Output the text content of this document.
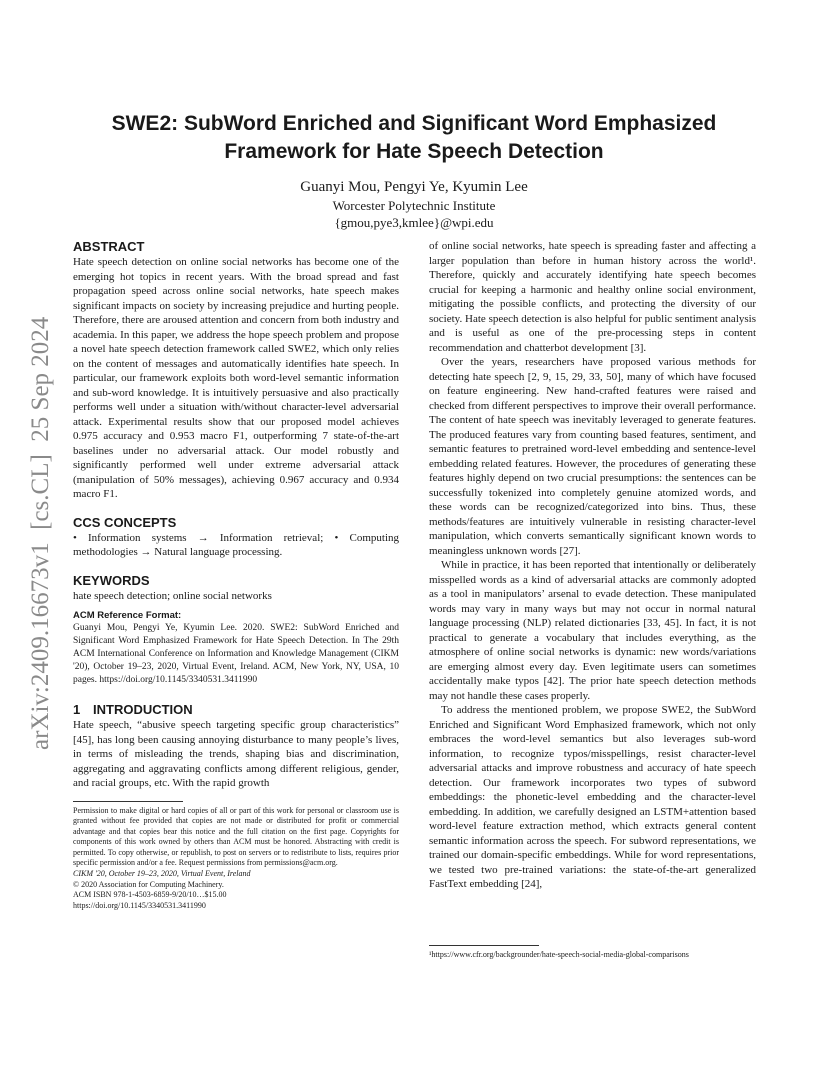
arXiv:2409.16673v1  [cs.CL]  25 Sep 2024
SWE2: SubWord Enriched and Significant Word Emphasized
Framework for Hate Speech Detection
Guanyi Mou, Pengyi Ye, Kyumin Lee
Worcester Polytechnic Institute
{gmou,pye3,kmlee}@wpi.edu
ABSTRACT

Hate speech detection on online social networks has become one of the emerging hot topics in recent years. With the broad spread and fast propagation speed across online social networks, hate speech makes significant impacts on society by increasing prejudice and hurting people. Therefore, there are aroused attention and concern from both industry and academia. In this paper, we address the hope speech problem and propose a novel hate speech detection framework called SWE2, which only relies on the content of messages and automatically identifies hate speech. In particular, our framework exploits both word-level semantic information and sub-word knowledge. It is intuitively persuasive and also practically performs well under a situation with/without character-level adversarial attack. Experimental results show that our proposed model achieves 0.975 accuracy and 0.953 macro F1, outperforming 7 state-of-the-art baselines under no adversarial attack. Our model robustly and significantly performed well under extreme adversarial attack (manipulation of 50% messages), achieving 0.967 accuracy and 0.934 macro F1.

CCS CONCEPTS

• Information systems → Information retrieval; • Computing methodologies → Natural language processing.

KEYWORDS

hate speech detection; online social networks

ACM Reference Format:

Guanyi Mou, Pengyi Ye, Kyumin Lee. 2020. SWE2: SubWord Enriched and Significant Word Emphasized Framework for Hate Speech Detection. In The 29th ACM International Conference on Information and Knowledge Management (CIKM '20), October 19–23, 2020, Virtual Event, Ireland. ACM, New York, NY, USA, 10 pages. https://doi.org/10.1145/3340531.3411990

1 INTRODUCTION

Hate speech, “abusive speech targeting specific group characteristics” [45], has long been causing annoying disturbance to many people’s lives, in terms of misleading the trends, shaping bias and discrimination, aggregating and aggravating conflicts among different religious, gender, and racial groups, etc. With the rapid growth

Permission to make digital or hard copies of all or part of this work for personal or classroom use is granted without fee provided that copies are not made or distributed for profit or commercial advantage and that copies bear this notice and the full citation on the first page. Copyrights for components of this work owned by others than ACM must be honored. Abstracting with credit is permitted. To copy otherwise, or republish, to post on servers or to redistribute to lists, requires prior specific permission and/or a fee. Request permissions from permissions@acm.org.

CIKM '20, October 19–23, 2020, Virtual Event, Ireland

© 2020 Association for Computing Machinery.

ACM ISBN 978-1-4503-6859-9/20/10…$15.00

https://doi.org/10.1145/3340531.3411990

of online social networks, hate speech is spreading faster and affecting a larger population than before in human history across the world¹. Therefore, quickly and accurately identifying hate speech becomes crucial for keeping a harmonic and healthy online social environment, mitigating the possible conflicts, and protecting the diversity of our society. Hate speech detection is also helpful for public sentiment analysis and is useful as one of the pre-processing steps in content recommendation and chatterbot development [3].

Over the years, researchers have proposed various methods for detecting hate speech [2, 9, 15, 29, 33, 50], many of which have focused on feature engineering. New hand-crafted features were raised and checked from different perspectives to improve their overall performance. The content of hate speech was inevitably leveraged to generate features. The produced features vary from counting based features, sentiment, and semantic features to pretrained word-level embedding and sentence-level embedding related features. However, the procedures of generating these features highly depend on two crucial presumptions: the sentences can be successfully tokenized into completely genuine atomized words, and these words can be recognized/categorized into bins. Thus, these methods/features are intuitively vulnerable in resisting character-level manipulation, which converts semantically significant known words to meaningless unknown words [27].

While in practice, it has been reported that intentionally or deliberately misspelled words as a kind of adversarial attacks are commonly adopted as a tool in manipulators’ arsenal to evade detection. These manipulated words may vary in many ways but may not occur in normal natural language processing (NLP) related dictionaries [33, 45]. In fact, it is not practical to generate a vocabulary that includes everything, as the atmosphere of online social networks is dynamic: new words/variations are emerging almost every day. Even legitimate users can sometimes accidentally make typos [42]. The prior hate speech detection methods may not handle these cases properly.

To address the mentioned problem, we propose SWE2, the SubWord Enriched and Significant Word Emphasized framework, which not only embraces the word-level semantics but also leverages sub-word information, to recognize typos/misspellings, resist character-level adversarial attacks and improve robustness and accuracy of hate speech detection. Our framework incorporates two types of subword embeddings: the phonetic-level embedding and the character-level embedding. In addition, we carefully designed an LSTM+attention based word-level feature extraction method, which extracts general content semantic information across the speech. For subword representations, we trained our domain-specific embeddings. While for word representations, we tested two pre-trained variations: the state-of-the-art generalized FastText embedding [24],

¹https://www.cfr.org/backgrounder/hate-speech-social-media-global-comparisons
